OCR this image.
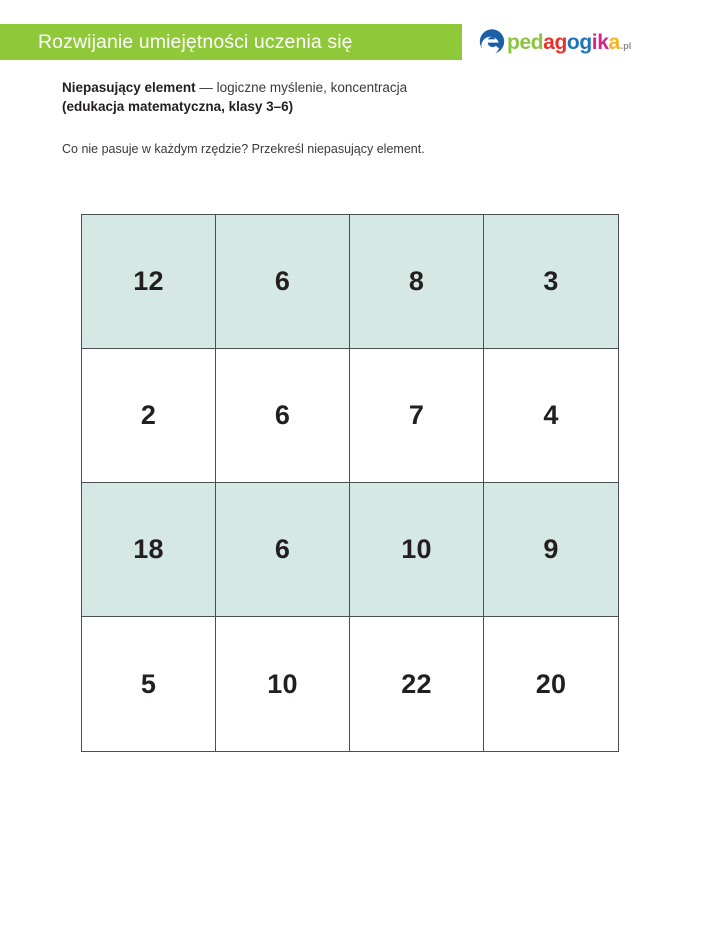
Rozwijanie umiejętności uczenia się	p e d a g o g i k a .pl
Niepasujący element — logiczne myślenie, koncentracja
(edukacja matematyczna, klasy 3–6)
Co nie pasuje w każdym rzędzie? Przekreśl niepasujący element.
12	6	8	3
2	6	7	4
18	6	10	9
5	10	22	20
